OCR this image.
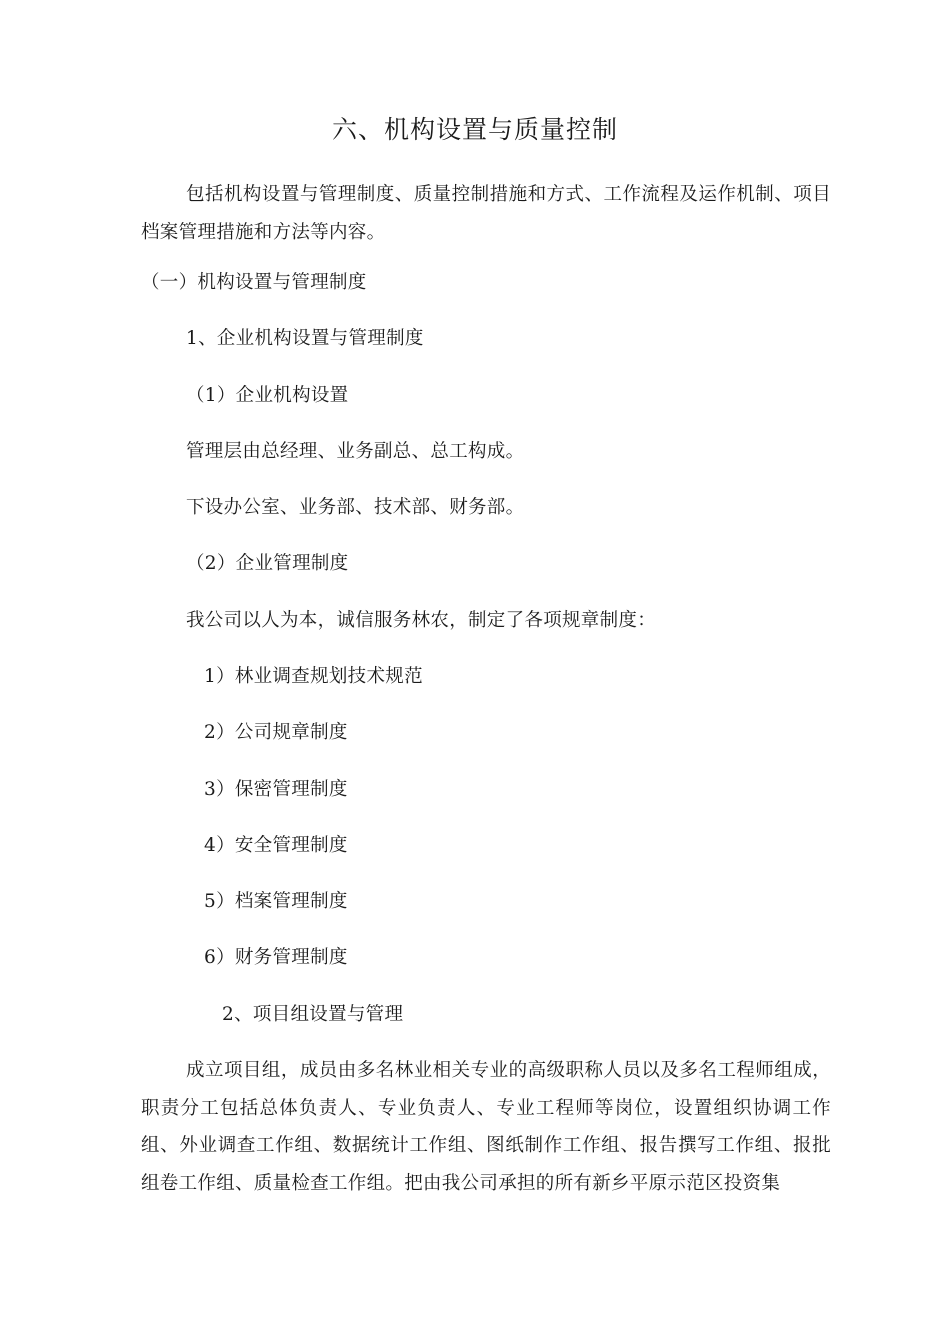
六、机构设置与质量控制
包括机构设置与管理制度、质量控制措施和方式、工作流程及运作机制、项目档案管理措施和方法等内容。
（一）机构设置与管理制度
1、企业机构设置与管理制度
（1）企业机构设置
管理层由总经理、业务副总、总工构成。
下设办公室、业务部、技术部、财务部。
（2）企业管理制度
我公司以人为本，诚信服务林农，制定了各项规章制度：
1）林业调查规划技术规范
2）公司规章制度
3）保密管理制度
4）安全管理制度
5）档案管理制度
6）财务管理制度
2、项目组设置与管理
成立项目组，成员由多名林业相关专业的高级职称人员以及多名工程师组成，职责分工包括总体负责人、专业负责人、专业工程师等岗位，设置组织协调工作组、外业调查工作组、数据统计工作组、图纸制作工作组、报告撰写工作组、报批组卷工作组、质量检查工作组。把由我公司承担的所有新乡平原示范区投资集
